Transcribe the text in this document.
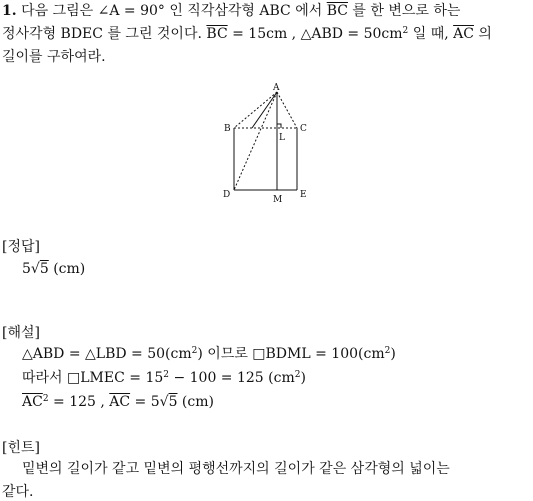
1. 다음 그림은 ∠A = 90° 인 직각삼각형 ABC 에서 $\overline{BC}$ 를 한 변으로 하는
정사각형 BDEC 를 그린 것이다. $\overline{BC} = 15cm$ , △ABD = $50cm^2$ 일 때, $\overline{AC}$ 의
길이를 구하여라.
A
B	C
D	E
M
L
[정답]
5√5 (cm)
[해설]
△ABD = △LBD = $50(cm^2)$ 이므로 □BDML = $100(cm^2)$
따라서 □LMEC = $15^2 - 100 = 125$ $(cm^2)$
$\overline{AC}^2 = 125$ , $\overline{AC} = 5√5$ (cm)
[힌트]
밑변의 길이가 같고 밑변의 평행선까지의 길이가 같은 삼각형의 넓이는
같다.
